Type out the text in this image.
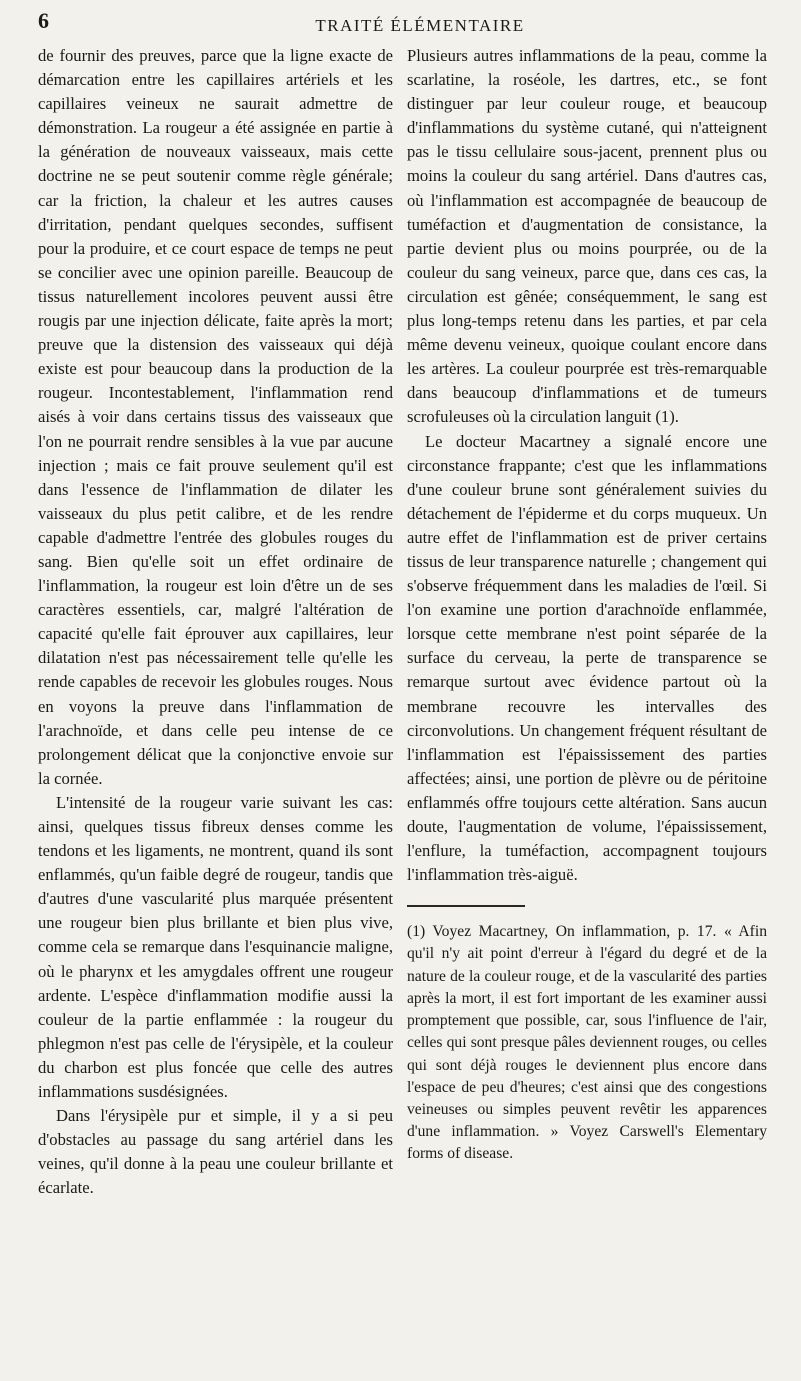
6	TRAITÉ ÉLÉMENTAIRE

de fournir des preuves, parce que la ligne exacte de démarcation entre les capillaires artériels et les capillaires veineux ne saurait admettre de démonstration. La rougeur a été assignée en partie à la génération de nouveaux vaisseaux, mais cette doctrine ne se peut soutenir comme règle générale; car la friction, la chaleur et les autres causes d'irritation, pendant quelques secondes, suffisent pour la produire, et ce court espace de temps ne peut se concilier avec une opinion pareille. Beaucoup de tissus naturellement incolores peuvent aussi être rougis par une injection délicate, faite après la mort; preuve que la distension des vaisseaux qui déjà existe est pour beaucoup dans la production de la rougeur. Incontestablement, l'inflammation rend aisés à voir dans certains tissus des vaisseaux que l'on ne pourrait rendre sensibles à la vue par aucune injection ; mais ce fait prouve seulement qu'il est dans l'essence de l'inflammation de dilater les vaisseaux du plus petit calibre, et de les rendre capable d'admettre l'entrée des globules rouges du sang. Bien qu'elle soit un effet ordinaire de l'inflammation, la rougeur est loin d'être un de ses caractères essentiels, car, malgré l'altération de capacité qu'elle fait éprouver aux capillaires, leur dilatation n'est pas nécessairement telle qu'elle les rende capables de recevoir les globules rouges. Nous en voyons la preuve dans l'inflammation de l'arachnoïde, et dans celle peu intense de ce prolongement délicat que la conjonctive envoie sur la cornée.

L'intensité de la rougeur varie suivant les cas: ainsi, quelques tissus fibreux denses comme les tendons et les ligaments, ne montrent, quand ils sont enflammés, qu'un faible degré de rougeur, tandis que d'autres d'une vascularité plus marquée présentent une rougeur bien plus brillante et bien plus vive, comme cela se remarque dans l'esquinancie maligne, où le pharynx et les amygdales offrent une rougeur ardente. L'espèce d'inflammation modifie aussi la couleur de la partie enflammée : la rougeur du phlegmon n'est pas celle de l'érysipèle, et la couleur du charbon est plus foncée que celle des autres inflammations susdésignées.

Dans l'érysipèle pur et simple, il y a si peu d'obstacles au passage du sang artériel dans les veines, qu'il donne à la peau une couleur brillante et écarlate.

Plusieurs autres inflammations de la peau, comme la scarlatine, la roséole, les dartres, etc., se font distinguer par leur couleur rouge, et beaucoup d'inflammations du système cutané, qui n'atteignent pas le tissu cellulaire sous-jacent, prennent plus ou moins la couleur du sang artériel. Dans d'autres cas, où l'inflammation est accompagnée de beaucoup de tuméfaction et d'augmentation de consistance, la partie devient plus ou moins pourprée, ou de la couleur du sang veineux, parce que, dans ces cas, la circulation est gênée; conséquemment, le sang est plus long-temps retenu dans les parties, et par cela même devenu veineux, quoique coulant encore dans les artères. La couleur pourprée est très-remarquable dans beaucoup d'inflammations et de tumeurs scrofuleuses où la circulation languit (1).

Le docteur Macartney a signalé encore une circonstance frappante; c'est que les inflammations d'une couleur brune sont généralement suivies du détachement de l'épiderme et du corps muqueux. Un autre effet de l'inflammation est de priver certains tissus de leur transparence naturelle ; changement qui s'observe fréquemment dans les maladies de l'œil. Si l'on examine une portion d'arachnoïde enflammée, lorsque cette membrane n'est point séparée de la surface du cerveau, la perte de transparence se remarque surtout avec évidence partout où la membrane recouvre les intervalles des circonvolutions. Un changement fréquent résultant de l'inflammation est l'épaississement des parties affectées; ainsi, une portion de plèvre ou de péritoine enflammés offre toujours cette altération. Sans aucun doute, l'augmentation de volume, l'épaississement, l'enflure, la tuméfaction, accompagnent toujours l'inflammation très-aiguë.

(1) Voyez Macartney, On inflammation, p. 17. « Afin qu'il n'y ait point d'erreur à l'égard du degré et de la nature de la couleur rouge, et de la vascularité des parties après la mort, il est fort important de les examiner aussi promptement que possible, car, sous l'influence de l'air, celles qui sont presque pâles deviennent rouges, ou celles qui sont déjà rouges le deviennent plus encore dans l'espace de peu d'heures; c'est ainsi que des congestions veineuses ou simples peuvent revêtir les apparences d'une inflammation. » Voyez Carswell's Elementary forms of disease.
